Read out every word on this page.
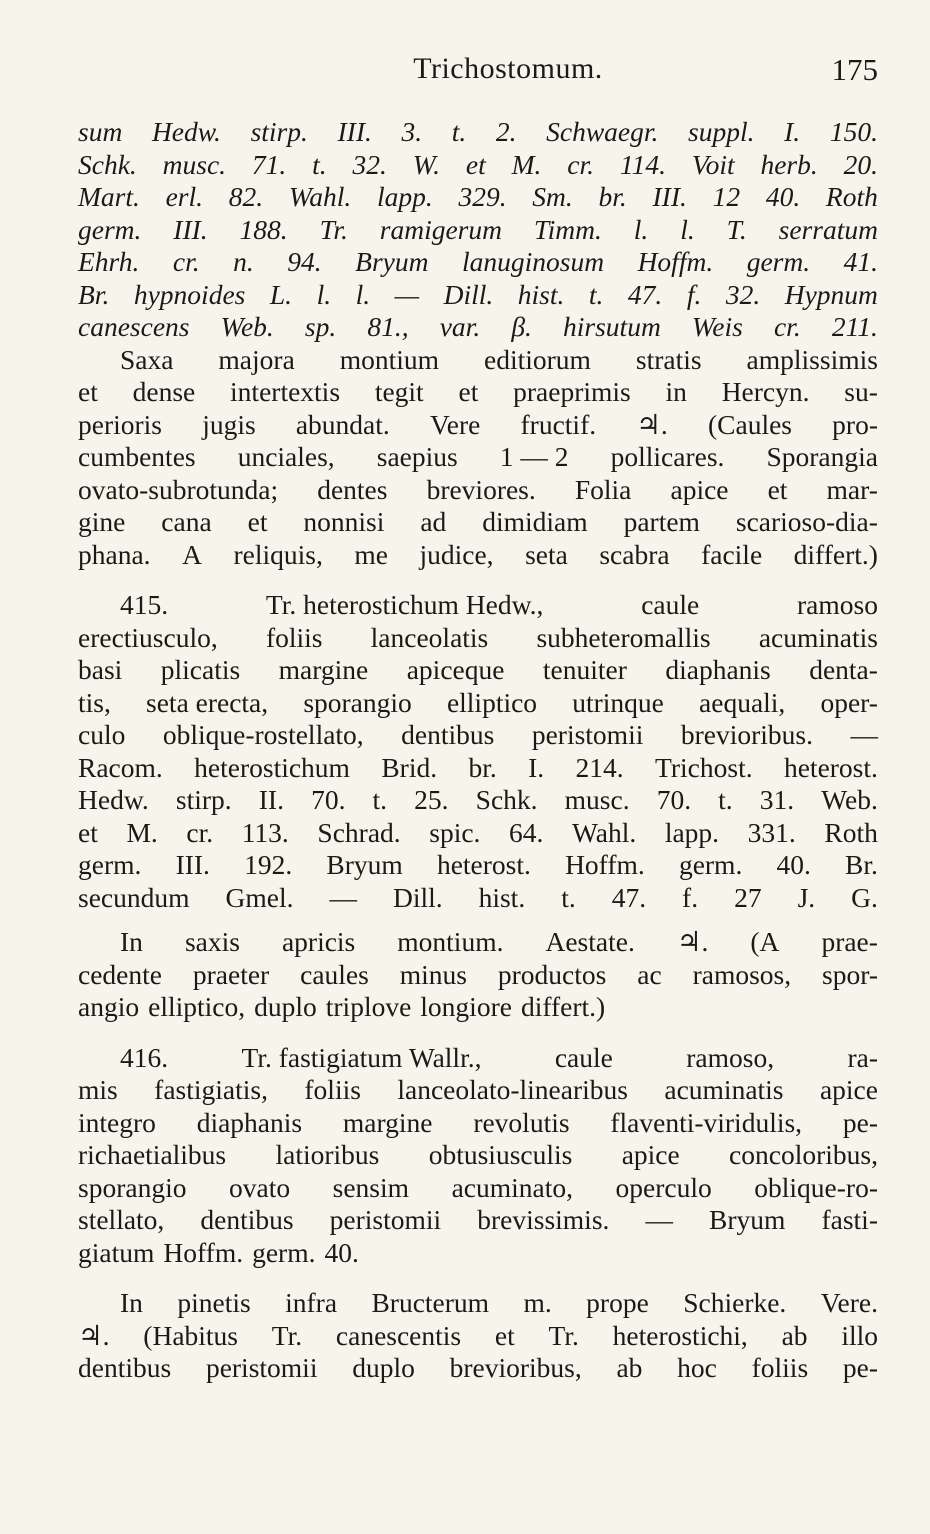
Trichostomum.	175
sum Hedw. stirp. III. 3. t. 2. Schwaegr. suppl. I. 150.
Schk. musc. 71. t. 32. W. et M. cr. 114. Voit herb. 20.
Mart. erl. 82. Wahl. lapp. 329. Sm. br. III. 12 40. Roth
germ. III. 188. Tr. ramigerum Timm. l. l. T. serratum
Ehrh. cr. n. 94. Bryum lanuginosum Hoffm. germ. 41.
Br. hypnoides L. l. l. — Dill. hist. t. 47. f. 32. Hypnum
canescens Web. sp. 81., var. β. hirsutum Weis cr. 211.
Saxa majora montium editiorum stratis amplissimis
et dense intertextis tegit et praeprimis in Hercyn. su-
perioris jugis abundat. Vere fructif. ♃. (Caules pro-
cumbentes unciales, saepius 1 — 2 pollicares. Sporangia
ovato-subrotunda; dentes breviores. Folia apice et mar-
gine cana et nonnisi ad dimidiam partem scarioso-dia-
phana. A reliquis, me judice, seta scabra facile differt.)
415.	Tr. heterostichum Hedw.,	caule	ramoso
erectiusculo, foliis lanceolatis subheteromallis acuminatis
basi plicatis margine apiceque tenuiter diaphanis denta-
tis, seta erecta, sporangio elliptico utrinque aequali, oper-
culo oblique-rostellato, dentibus peristomii brevioribus. —
Racom. heterostichum Brid. br. I. 214. Trichost. heterost.
Hedw. stirp. II. 70. t. 25. Schk. musc. 70. t. 31. Web.
et M. cr. 113. Schrad. spic. 64. Wahl. lapp. 331. Roth
germ. III. 192. Bryum heterost. Hoffm. germ. 40. Br.
secundum Gmel. — Dill. hist. t. 47. f. 27 J. G.
In saxis apricis montium. Aestate. ♃. (A prae-
cedente praeter caules minus productos ac ramosos, spor-
angio elliptico, duplo triplove longiore differt.)
416.	Tr. fastigiatum Wallr.,	caule	ramoso,	ra-
mis fastigiatis, foliis lanceolato-linearibus acuminatis apice
integro diaphanis margine revolutis flaventi-viridulis, pe-
richaetialibus latioribus obtusiusculis apice concoloribus,
sporangio ovato sensim acuminato, operculo oblique-ro-
stellato, dentibus peristomii brevissimis. — Bryum fasti-
giatum Hoffm. germ. 40.
In pinetis infra Bructerum m. prope Schierke. Vere.
♃. (Habitus Tr. canescentis et Tr. heterostichi, ab illo
dentibus peristomii duplo brevioribus, ab hoc foliis pe-
